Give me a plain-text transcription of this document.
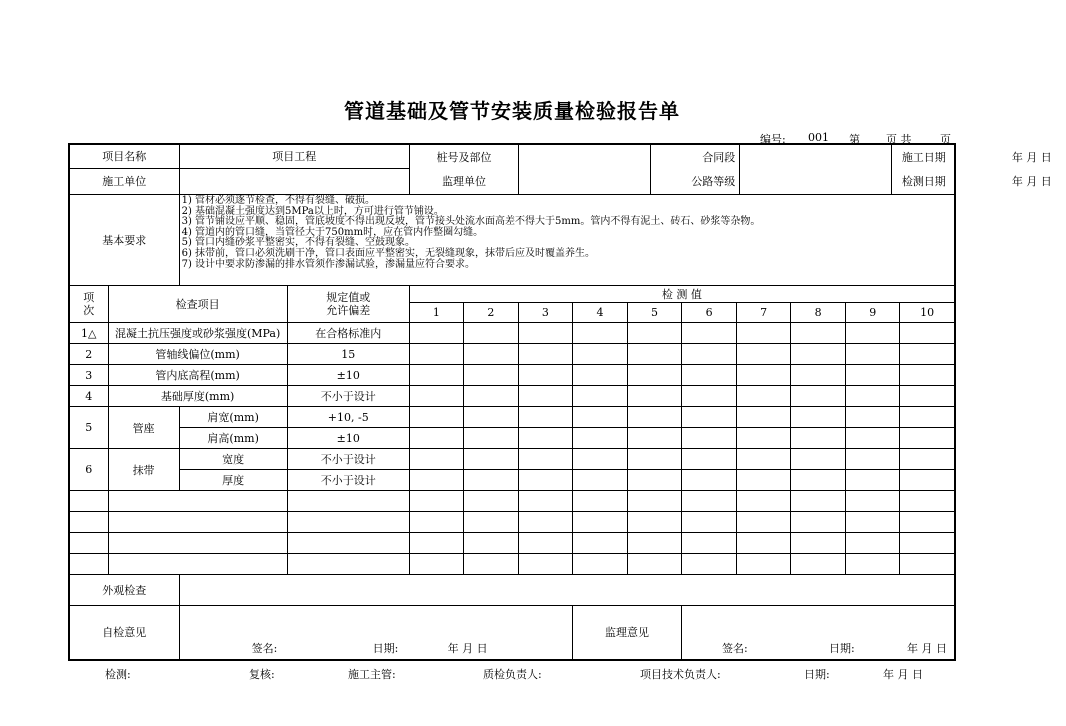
管道基础及管节安装质量检验报告单
编号: 001 第 页 共	页
项目名称	项目工程		桩号及部位		合同段		施工日期	年 月 日

施工单位			监理单位		公路等级		检测日期	年 月 日

基本要求	
1) 管材必须逐节检查，不得有裂缝、破损。
2) 基础混凝土强度达到5MPa以上时，方可进行管节铺设。
3) 管节铺设应平顺、稳固，管底坡度不得出现反坡，管节接头处流水面高差不得大于5mm。管内不得有泥土、砖石、砂浆等杂物。
4) 管道内的管口缝，当管径大于750mm时，应在管内作整圈勾缝。
5) 管口内缝砂浆平整密实，不得有裂缝、空鼓现象。
6) 抹带前，管口必须洗刷干净，管口表面应平整密实，无裂缝现象，抹带后应及时覆盖养生。
7) 设计中要求防渗漏的排水管须作渗漏试验，渗漏量应符合要求。

项
次	检查项目	规定值或
允许偏差	检 测 值
1	2	3	4	5	6	7	8	9	10
1△	混凝土抗压强度或砂浆强度(MPa)	在合格标准内										
2	管轴线偏位(mm)	15										
3	管内底高程(mm)	±10										
4	基础厚度(mm)	不小于设计										
5	管座	肩宽(mm)	+10, -5										
肩高(mm)	±10										
6	抹带	宽度	不小于设计										
厚度	不小于设计										

外观检查	
自检意见	
签名:	日期:	年 月 日
	监理意见	
签名:	日期:	年 月 日
检测:	复核:	施工主管:	质检负责人:	项目技术负责人:	日期:	年 月 日
